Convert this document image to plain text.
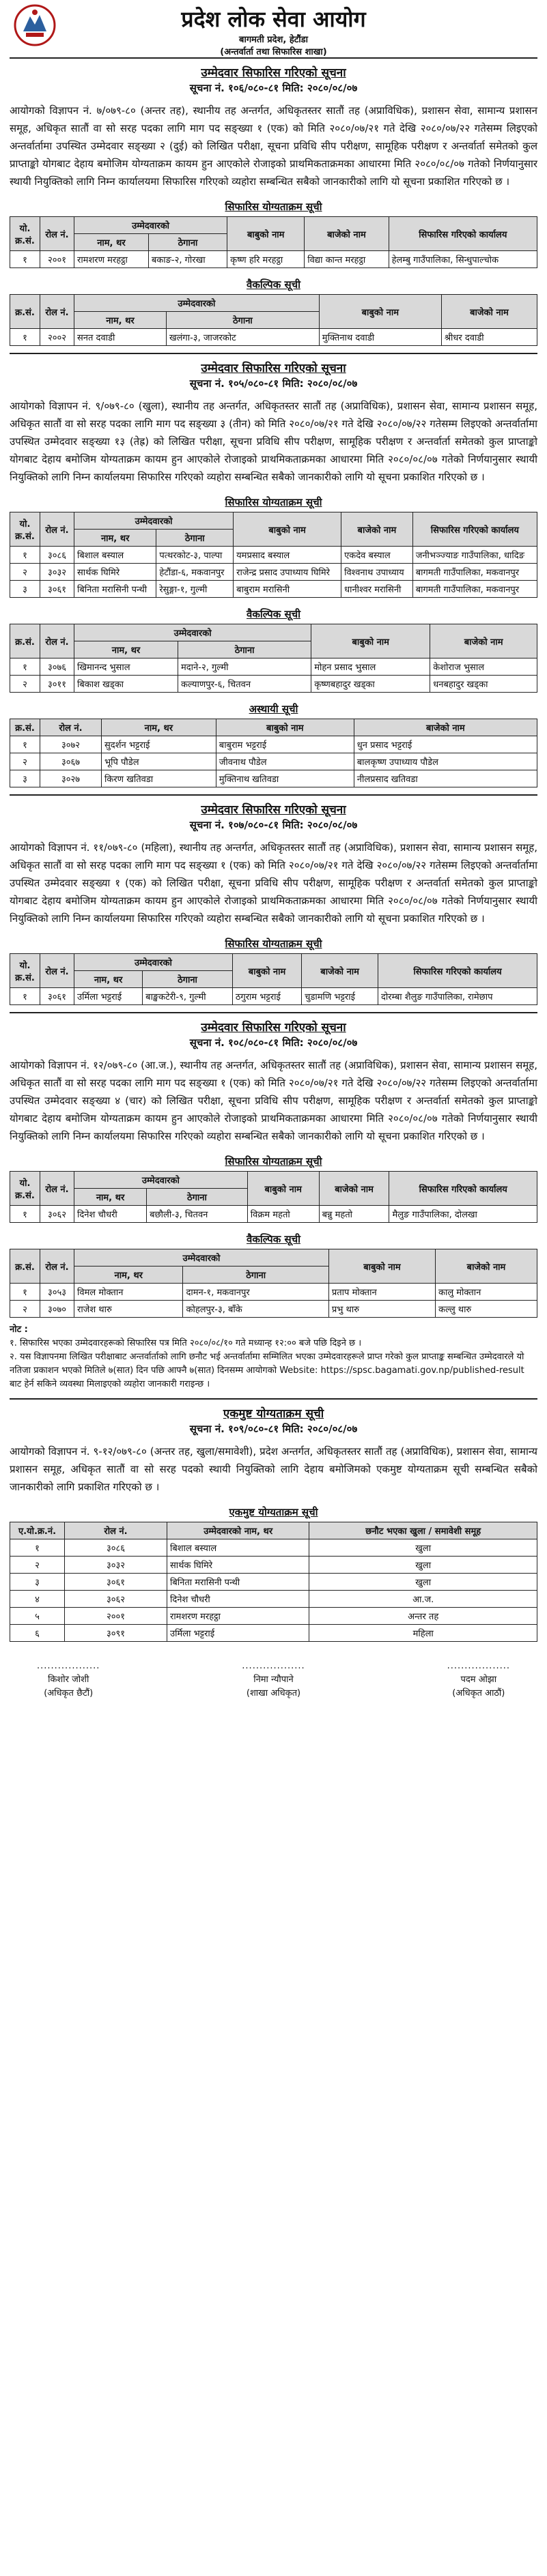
प्रदेश लोक सेवा आयोग
बागमती प्रदेश, हेटौंडा
(अन्तर्वार्ता तथा सिफारिस शाखा)
उम्मेदवार सिफारिस गरिएको सूचना
सूचना नं. १०६/०८०-८१ मिति: २०८०/०८/०७

आयोगको विज्ञापन नं. ७/०७९-८० (अन्तर तह), स्थानीय तह अन्तर्गत, अधिकृतस्तर सातौं तह (अप्राविधिक), प्रशासन सेवा, सामान्य प्रशासन समूह, अधिकृत सातौं वा सो सरह पदका लागि माग पद सङ्ख्या १ (एक) को मिति २०८०/०७/२१ गते देखि २०८०/०७/२२ गतेसम्म लिइएको अन्तर्वार्तामा उपस्थित उम्मेदवार सङ्ख्या २ (दुई) को लिखित परीक्षा, सूचना प्रविधि सीप परीक्षण, सामूहिक परीक्षण र अन्तर्वार्ता समेतको कुल प्राप्ताङ्को योगबाट देहाय बमोजिम योग्यताक्रम कायम हुन आएकोले रोजाइको प्राथमिकताक्रमका आधारमा मिति २०८०/०८/०७ गतेको निर्णयानुसार स्थायी नियुक्तिको लागि निम्न कार्यालयमा सिफारिस गरिएको व्यहोरा सम्बन्धित सबैको जानकारीको लागि यो सूचना प्रकाशित गरिएको छ ।

सिफारिस योग्यताक्रम सूची
यो. क्र.सं.	रोल नं.	उम्मेदवारको		बाबुको नाम	बाजेको नाम	सिफारिस गरिएको कार्यालय
		नाम, थर	ठेगाना			
१	२००१	रामशरण मरहट्ठा	बकाङ-२, गोरखा	कृष्ण हरि मरहट्ठा	विद्या कान्त मरहट्ठा	हेलम्बु गाउँपालिका, सिन्धुपाल्चोक
वैकल्पिक सूची
क्र.सं.	रोल नं.	उम्मेदवारको		बाबुको नाम	बाजेको नाम
		नाम, थर	ठेगाना		
१	२००२	सनत दवाडी	खलंगा-३, जाजरकोट	मुक्तिनाथ दवाडी	श्रीधर दवाडी
उम्मेदवार सिफारिस गरिएको सूचना
सूचना नं. १०५/०८०-८१ मिति: २०८०/०८/०७

आयोगको विज्ञापन नं. ९/०७९-८० (खुला), स्थानीय तह अन्तर्गत, अधिकृतस्तर सातौं तह (अप्राविधिक), प्रशासन सेवा, सामान्य प्रशासन समूह, अधिकृत सातौं वा सो सरह पदका लागि माग पद सङ्ख्या ३ (तीन) को मिति २०८०/०७/२१ गते देखि २०८०/०७/२२ गतेसम्म लिइएको अन्तर्वार्तामा उपस्थित उम्मेदवार सङ्ख्या १३ (तेह्र) को लिखित परीक्षा, सूचना प्रविधि सीप परीक्षण, सामूहिक परीक्षण र अन्तर्वार्ता समेतको कुल प्राप्ताङ्को योगबाट देहाय बमोजिम योग्यताक्रम कायम हुन आएकोले रोजाइको प्राथमिकताक्रमका आधारमा मिति २०८०/०८/०७ गतेको निर्णयानुसार स्थायी नियुक्तिको लागि निम्न कार्यालयमा सिफारिस गरिएको व्यहोरा सम्बन्धित सबैको जानकारीको लागि यो सूचना प्रकाशित गरिएको छ ।

सिफारिस योग्यताक्रम सूची
यो. क्र.सं.	रोल नं.	उम्मेदवारको		बाबुको नाम	बाजेको नाम	सिफारिस गरिएको कार्यालय
		नाम, थर	ठेगाना			
१	३०८६	बिशाल बस्याल	पत्थरकोट-३, पाल्पा	यमप्रसाद बस्याल	एकदेव बस्याल	जनीभञ्ज्याङ गाउँपालिका, धादिङ
२	३०३२	सार्थक घिमिरे	हेटौंडा-६, मकवानपुर	राजेन्द्र प्रसाद उपाध्याय घिमिरे	विश्वनाथ उपाध्याय	बागमती गाउँपालिका, मकवानपुर
३	३०६१	बिनिता मरासिनी पन्थी	रेसुङ्गा-१, गुल्मी	बाबुराम मरासिनी	धानीश्वर मरासिनी	बागमती गाउँपालिका, मकवानपुर
वैकल्पिक सूची
क्र.सं.	रोल नं.	उम्मेदवारको		बाबुको नाम	बाजेको नाम
		नाम, थर	ठेगाना		
१	३०७६	खिमानन्द भुसाल	मदाने-२, गुल्मी	मोहन प्रसाद भुसाल	केशोराज भुसाल
२	३०११	बिकाश खड्का	कल्याणपुर-६, चितवन	कृष्णबहादुर खड्का	धनबहादुर खड्का
अस्थायी सूची
क्र.सं.	रोल नं.	नाम, थर	बाबुको नाम	बाजेको नाम
१	३०७२	सुदर्शन भट्टराई	बाबुराम भट्टराई	धुन प्रसाद भट्टराई
२	३०६७	भूपि पौडेल	जीवनाथ पौडेल	बालकृष्ण उपाध्याय पौडेल
३	३०२७	किरण खतिवडा	मुक्तिनाथ खतिवडा	नीलप्रसाद खतिवडा
उम्मेदवार सिफारिस गरिएको सूचना
सूचना नं. १०७/०८०-८१ मिति: २०८०/०८/०७

आयोगको विज्ञापन नं. ११/०७९-८० (महिला), स्थानीय तह अन्तर्गत, अधिकृतस्तर सातौं तह (अप्राविधिक), प्रशासन सेवा, सामान्य प्रशासन समूह, अधिकृत सातौं वा सो सरह पदका लागि माग पद सङ्ख्या १ (एक) को मिति २०८०/०७/२१ गते देखि २०८०/०७/२२ गतेसम्म लिइएको अन्तर्वार्तामा उपस्थित उम्मेदवार सङ्ख्या १ (एक) को लिखित परीक्षा, सूचना प्रविधि सीप परीक्षण, सामूहिक परीक्षण र अन्तर्वार्ता समेतको कुल प्राप्ताङ्को योगबाट देहाय बमोजिम योग्यताक्रम कायम हुन आएकोले रोजाइको प्राथमिकताक्रमका आधारमा मिति २०८०/०८/०७ गतेको निर्णयानुसार स्थायी नियुक्तिको लागि निम्न कार्यालयमा सिफारिस गरिएको व्यहोरा सम्बन्धित सबैको जानकारीको लागि यो सूचना प्रकाशित गरिएको छ ।

सिफारिस योग्यताक्रम सूची
यो. क्र.सं.	रोल नं.	उम्मेदवारको		बाबुको नाम	बाजेको नाम	सिफारिस गरिएको कार्यालय
		नाम, थर	ठेगाना			
१	३०६१	उर्मिला भट्टराई	बाङ्खकटेरी-९, गुल्मी	ठगुराम भट्टराई	चुडामणि भट्टराई	दोरम्बा शैलुङ गाउँपालिका, रामेछाप
उम्मेदवार सिफारिस गरिएको सूचना
सूचना नं. १०८/०८०-८१ मिति: २०८०/०८/०७

आयोगको विज्ञापन नं. १२/०७९-८० (आ.ज.), स्थानीय तह अन्तर्गत, अधिकृतस्तर सातौं तह (अप्राविधिक), प्रशासन सेवा, सामान्य प्रशासन समूह, अधिकृत सातौं वा सो सरह पदका लागि माग पद सङ्ख्या १ (एक) को मिति २०८०/०७/२१ गते देखि २०८०/०७/२२ गतेसम्म लिइएको अन्तर्वार्तामा उपस्थित उम्मेदवार सङ्ख्या ४ (चार) को लिखित परीक्षा, सूचना प्रविधि सीप परीक्षण, सामूहिक परीक्षण र अन्तर्वार्ता समेतको कुल प्राप्ताङ्को योगबाट देहाय बमोजिम योग्यताक्रम कायम हुन आएकोले रोजाइको प्राथमिकताक्रमका आधारमा मिति २०८०/०८/०७ गतेको निर्णयानुसार स्थायी नियुक्तिको लागि निम्न कार्यालयमा सिफारिस गरिएको व्यहोरा सम्बन्धित सबैको जानकारीको लागि यो सूचना प्रकाशित गरिएको छ ।

सिफारिस योग्यताक्रम सूची
यो. क्र.सं.	रोल नं.	उम्मेदवारको		बाबुको नाम	बाजेको नाम	सिफारिस गरिएको कार्यालय
		नाम, थर	ठेगाना			
१	३०६२	दिनेश चौधरी	बछौली-३, चितवन	विक्रम महतो	बन्नु महतो	मैलुङ गाउँपालिका, दोलखा
वैकल्पिक सूची
क्र.सं.	रोल नं.	उम्मेदवारको		बाबुको नाम	बाजेको नाम
		नाम, थर	ठेगाना		
१	३०५३	विमल मोक्तान	दामन-१, मकवानपुर	प्रताप मोक्तान	कालु मोक्तान
२	३०७०	राजेश थारु	कोहलपुर-३, बाँके	प्रभु थारु	कल्लु थारु
नोट :
१. सिफारिस भएका उम्मेदवारहरूको सिफारिस पत्र मिति २०८०/०८/१० गते मध्यान्ह १२:०० बजे पछि दिइने छ ।
२. यस विज्ञापनमा लिखित परीक्षाबाट अन्तर्वार्ताको लागि छनौट भई अन्तर्वार्तामा सम्मिलित भएका उम्मेदवारहरूले प्राप्त गरेको कुल प्राप्ताङ्क सम्बन्धित उम्मेदवारले यो नतिजा प्रकाशन भएको मितिले ७(सात) दिन पछि आफ्नै ७(सात) दिनसम्म आयोगको Website: https://spsc.bagamati.gov.np/published-result बाट हेर्न सकिने व्यवस्था मिलाइएको व्यहोरा जानकारी गराइन्छ ।
एकमुष्ट योग्यताक्रम सूची
सूचना नं. १०९/०८०-८१ मिति: २०८०/०८/०७

आयोगको विज्ञापन नं. ९-१२/०७९-८० (अन्तर तह, खुला/समावेशी), प्रदेश अन्तर्गत, अधिकृतस्तर सातौं तह (अप्राविधिक), प्रशासन सेवा, सामान्य प्रशासन समूह, अधिकृत सातौं वा सो सरह पदको स्थायी नियुक्तिको लागि देहाय बमोजिमको एकमुष्ट योग्यताक्रम सूची सम्बन्धित सबैको जानकारीको लागि प्रकाशित गरिएको छ ।

एकमुष्ट योग्यताक्रम सूची
ए.यो.क्र.नं.	रोल नं.	उम्मेदवारको नाम, थर	छनौट भएका खुला / समावेशी समूह
१	३०८६	बिशाल बस्याल	खुला
२	३०३२	सार्थक घिमिरे	खुला
३	३०६१	बिनिता मरासिनी पन्थी	खुला
४	३०६२	दिनेश चौधरी	आ.ज.
५	२००१	रामशरण मरहट्ठा	अन्तर तह
६	३०९१	उर्मिला भट्टराई	महिला
..................
किशोर जोशी
(अधिकृत छैटौं)
..................
निमा न्यौपाने
(शाखा अधिकृत)
..................
पदम ओझा
(अधिकृत आठौं)
